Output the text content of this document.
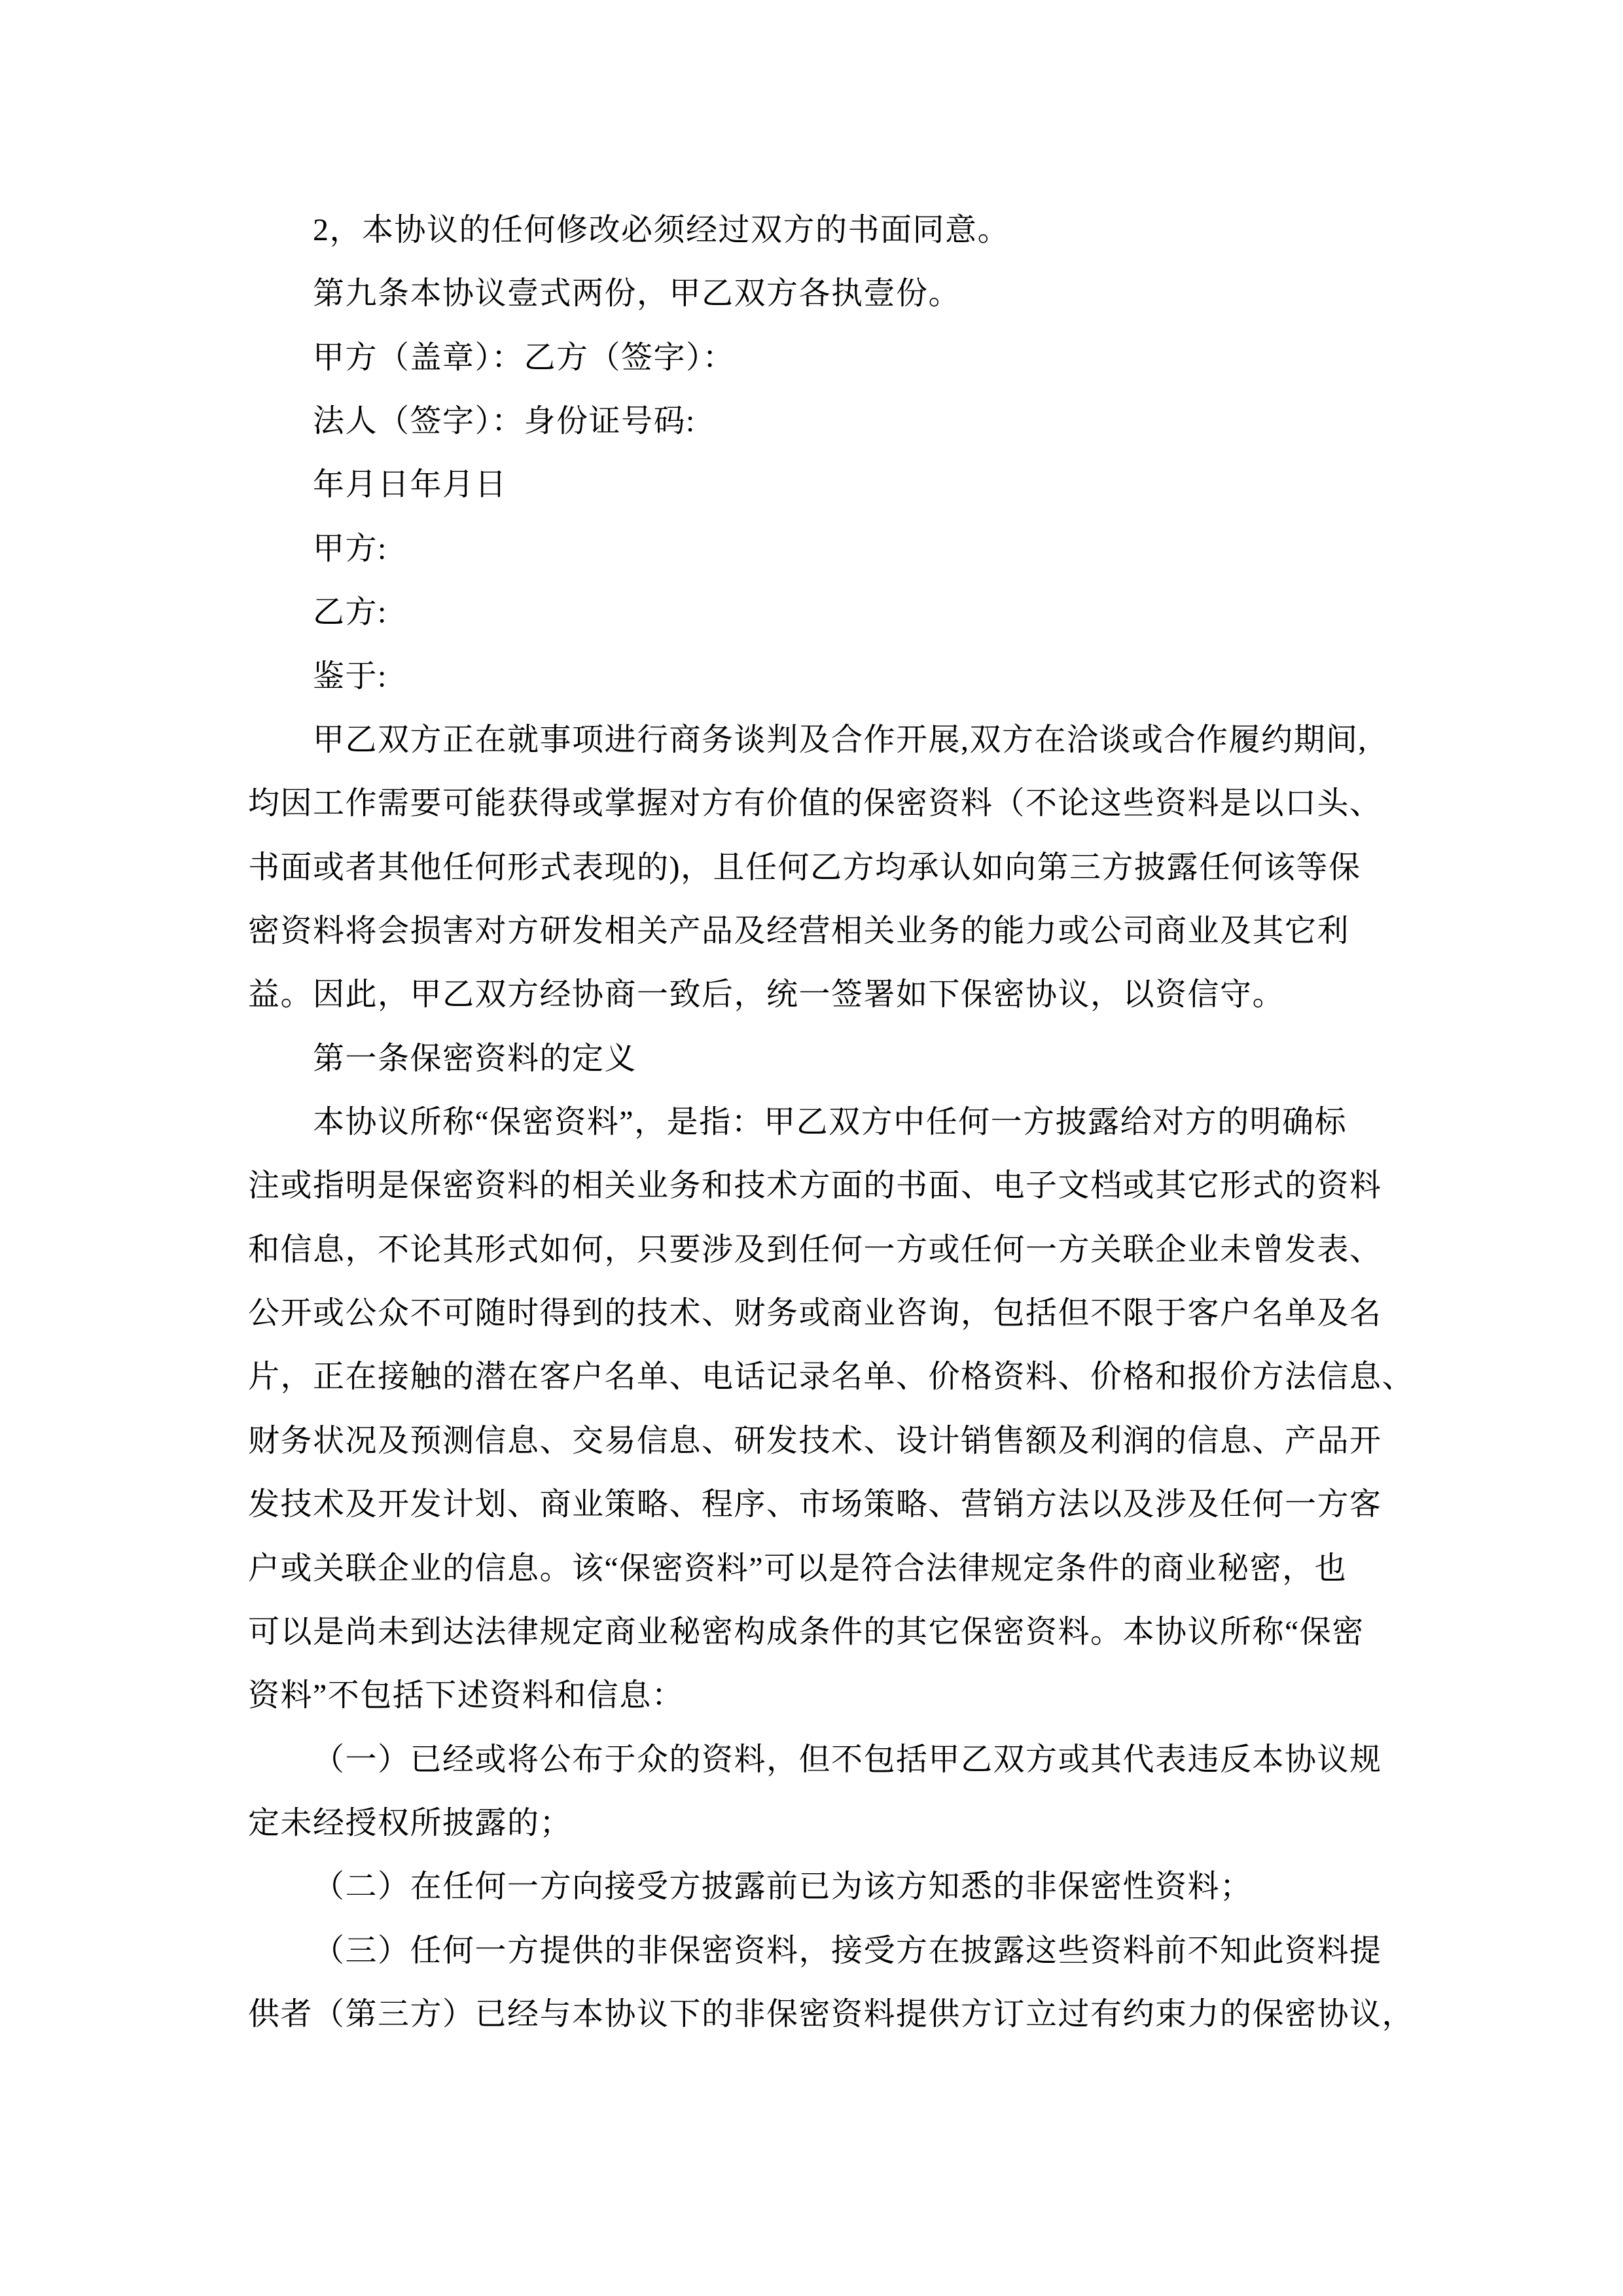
2，本协议的任何修改必须经过双方的书面同意。
第九条本协议壹式两份，甲乙双方各执壹份。
甲方（盖章）：乙方（签字）：
法人（签字）：身份证号码:
年月日年月日
甲方:
乙方:
鉴于:
甲乙双方正在就事项进行商务谈判及合作开展,双方在洽谈或合作履约期间,
均因工作需要可能获得或掌握对方有价值的保密资料（不论这些资料是以口头、
书面或者其他任何形式表现的)，且任何乙方均承认如向第三方披露任何该等保
密资料将会损害对方研发相关产品及经营相关业务的能力或公司商业及其它利
益。因此，甲乙双方经协商一致后，统一签署如下保密协议，以资信守。
第一条保密资料的定义
本协议所称“保密资料”，是指：甲乙双方中任何一方披露给对方的明确标
注或指明是保密资料的相关业务和技术方面的书面、电子文档或其它形式的资料
和信息，不论其形式如何，只要涉及到任何一方或任何一方关联企业未曾发表、
公开或公众不可随时得到的技术、财务或商业咨询，包括但不限于客户名单及名
片，正在接触的潜在客户名单、电话记录名单、价格资料、价格和报价方法信息、
财务状况及预测信息、交易信息、研发技术、设计销售额及利润的信息、产品开
发技术及开发计划、商业策略、程序、市场策略、营销方法以及涉及任何一方客
户或关联企业的信息。该“保密资料”可以是符合法律规定条件的商业秘密，也
可以是尚未到达法律规定商业秘密构成条件的其它保密资料。本协议所称“保密
资料”不包括下述资料和信息：
（一）已经或将公布于众的资料，但不包括甲乙双方或其代表违反本协议规
定未经授权所披露的；
（二）在任何一方向接受方披露前已为该方知悉的非保密性资料；
（三）任何一方提供的非保密资料，接受方在披露这些资料前不知此资料提
供者（第三方）已经与本协议下的非保密资料提供方订立过有约束力的保密协议，
